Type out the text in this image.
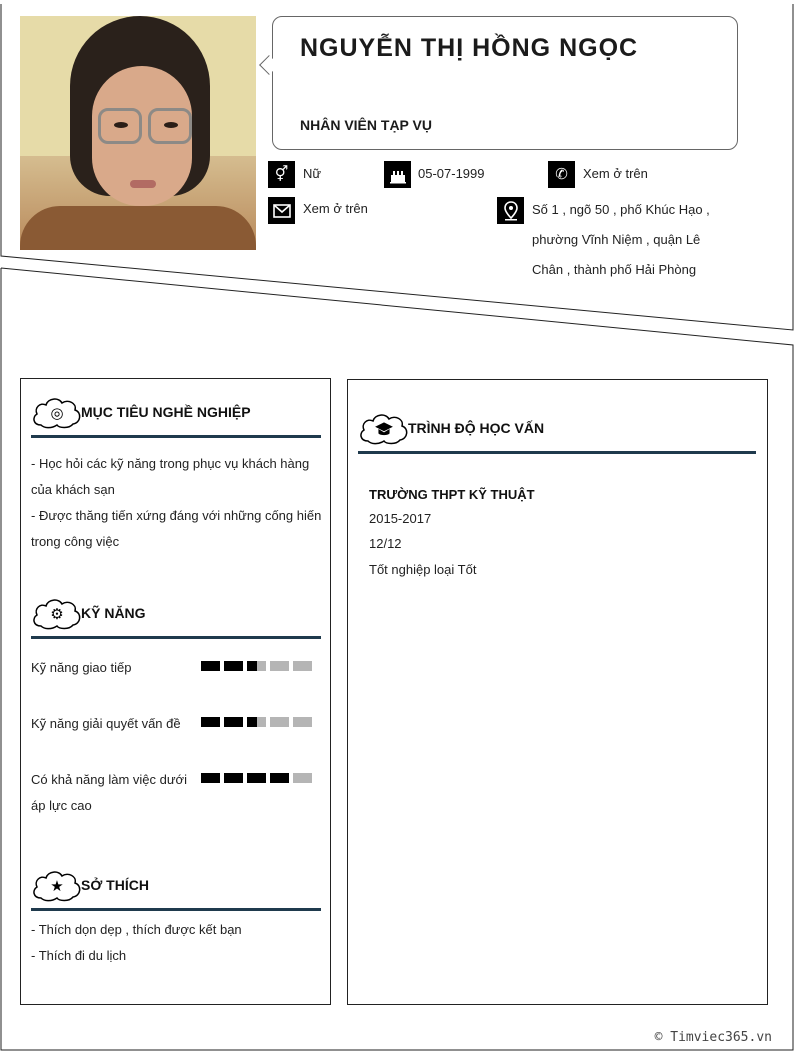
NGUYỄN THỊ HỒNG NGỌC
NHÂN VIÊN TẠP VỤ
⚥	Nữ	05-07-1999	✆	Xem ở trên
Xem ở trên	Số 1 , ngõ 50 , phố Khúc Hạo , phường Vĩnh Niệm , quận Lê Chân , thành phố Hải Phòng
◎ MỤC TIÊU NGHỀ NGHIỆP
- Học hỏi các kỹ năng trong phục vụ khách hàng của khách sạn
- Được thăng tiến xứng đáng với những cống hiến trong công việc
⚙ KỸ NĂNG
Kỹ năng giao tiếp
Kỹ năng giải quyết vấn đề
Có khả năng làm việc dưới áp lực cao
★ SỞ THÍCH
- Thích dọn dẹp , thích được kết bạn
- Thích đi du lịch
TRÌNH ĐỘ HỌC VẤN
TRƯỜNG THPT KỸ THUẬT
2015-2017
12/12
Tốt nghiệp loại Tốt
© Timviec365.vn
